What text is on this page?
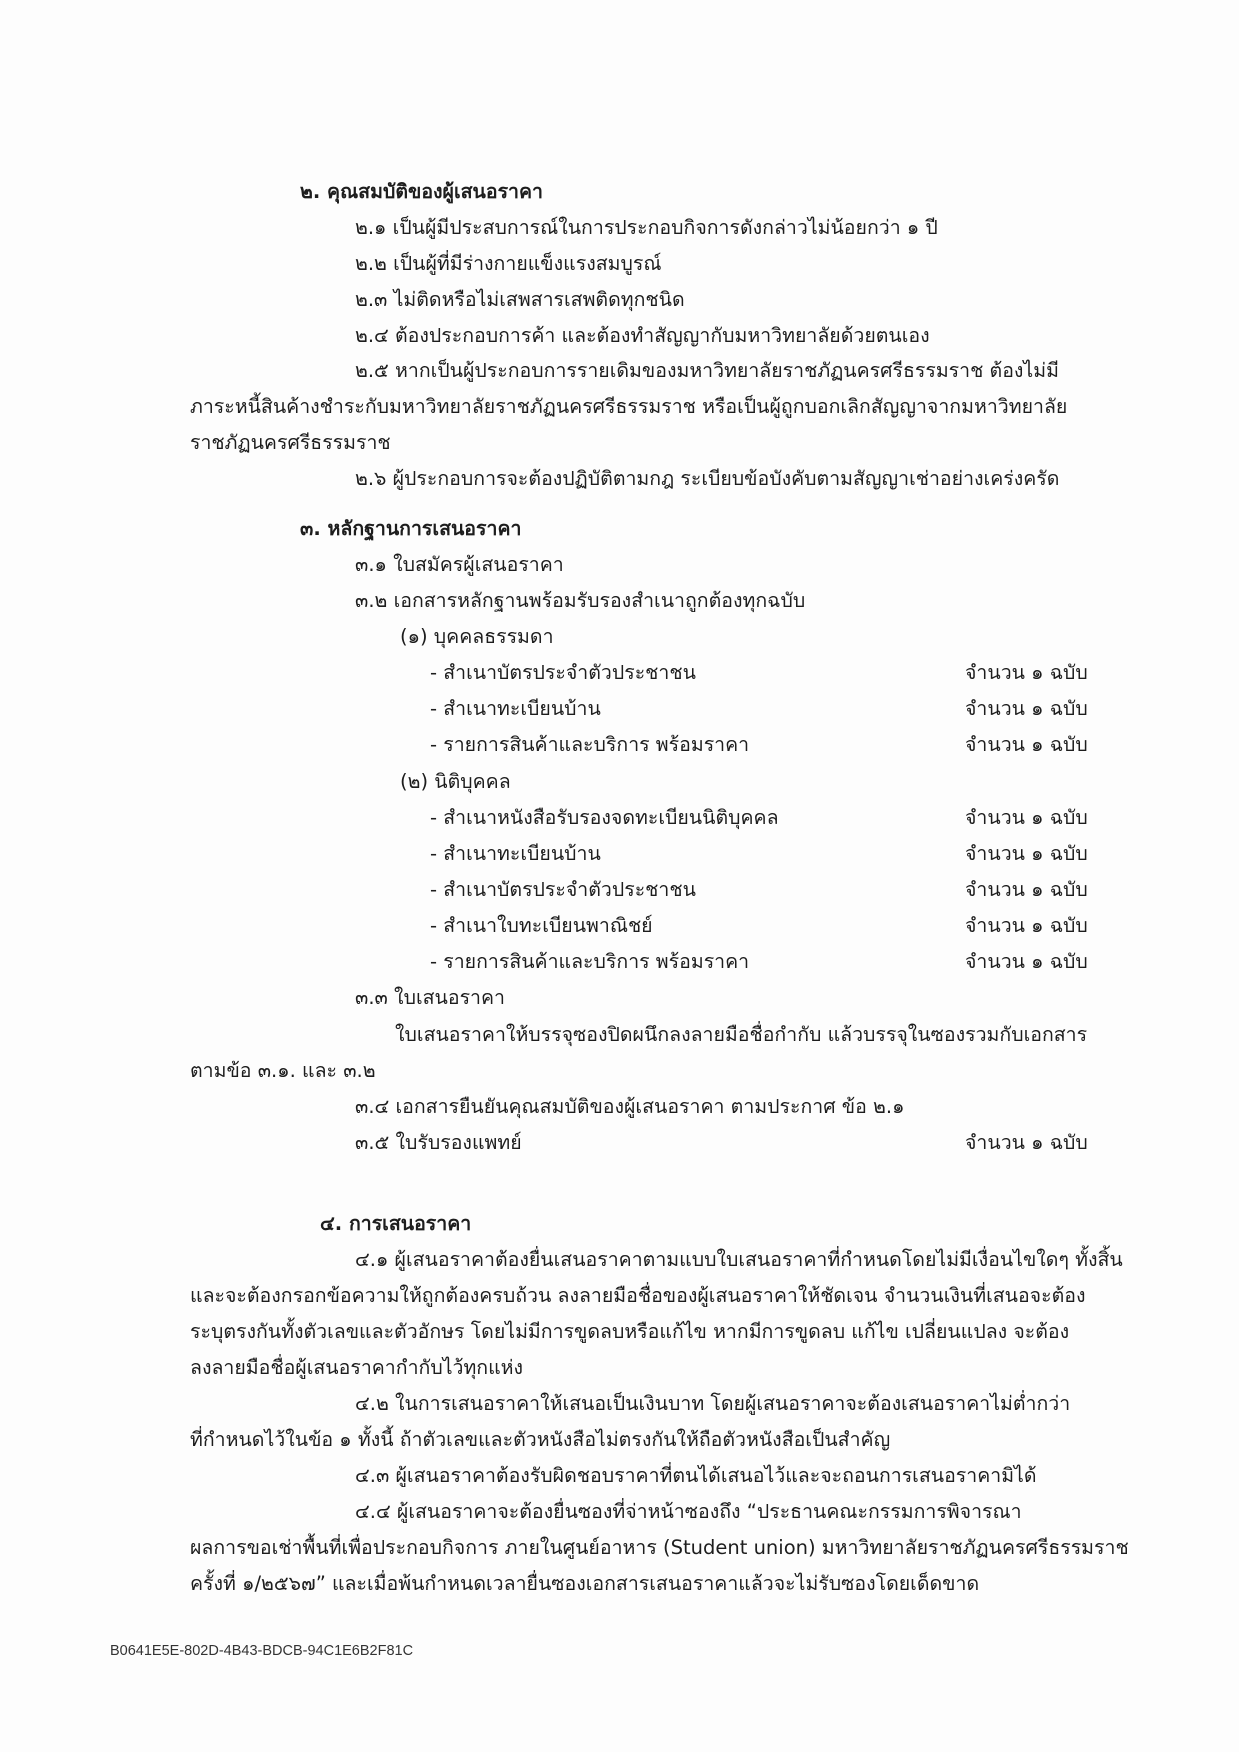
๒. คุณสมบัติของผู้เสนอราคา
๒.๑ เป็นผู้มีประสบการณ์ในการประกอบกิจการดังกล่าวไม่น้อยกว่า ๑ ปี
๒.๒ เป็นผู้ที่มีร่างกายแข็งแรงสมบูรณ์
๒.๓ ไม่ติดหรือไม่เสพสารเสพติดทุกชนิด
๒.๔ ต้องประกอบการค้า และต้องทำสัญญากับมหาวิทยาลัยด้วยตนเอง
๒.๕ หากเป็นผู้ประกอบการรายเดิมของมหาวิทยาลัยราชภัฏนครศรีธรรมราช ต้องไม่มี
ภาระหนี้สินค้างชำระกับมหาวิทยาลัยราชภัฏนครศรีธรรมราช หรือเป็นผู้ถูกบอกเลิกสัญญาจากมหาวิทยาลัย
ราชภัฏนครศรีธรรมราช
๒.๖ ผู้ประกอบการจะต้องปฏิบัติตามกฎ ระเบียบข้อบังคับตามสัญญาเช่าอย่างเคร่งครัด
๓. หลักฐานการเสนอราคา
๓.๑ ใบสมัครผู้เสนอราคา
๓.๒ เอกสารหลักฐานพร้อมรับรองสำเนาถูกต้องทุกฉบับ
(๑) บุคคลธรรมดา
- สำเนาบัตรประจำตัวประชาชน	จำนวน ๑ ฉบับ
- สำเนาทะเบียนบ้าน	จำนวน ๑ ฉบับ
- รายการสินค้าและบริการ พร้อมราคา	จำนวน ๑ ฉบับ
(๒) นิติบุคคล
- สำเนาหนังสือรับรองจดทะเบียนนิติบุคคล	จำนวน ๑ ฉบับ
- สำเนาทะเบียนบ้าน	จำนวน ๑ ฉบับ
- สำเนาบัตรประจำตัวประชาชน	จำนวน ๑ ฉบับ
- สำเนาใบทะเบียนพาณิชย์	จำนวน ๑ ฉบับ
- รายการสินค้าและบริการ พร้อมราคา	จำนวน ๑ ฉบับ
๓.๓ ใบเสนอราคา
ใบเสนอราคาให้บรรจุซองปิดผนึกลงลายมือชื่อกำกับ แล้วบรรจุในซองรวมกับเอกสาร
ตามข้อ ๓.๑. และ ๓.๒
๓.๔ เอกสารยืนยันคุณสมบัติของผู้เสนอราคา ตามประกาศ ข้อ ๒.๑
๓.๕ ใบรับรองแพทย์	จำนวน ๑ ฉบับ
๔. การเสนอราคา
๔.๑ ผู้เสนอราคาต้องยื่นเสนอราคาตามแบบใบเสนอราคาที่กำหนดโดยไม่มีเงื่อนไขใดๆ ทั้งสิ้น
และจะต้องกรอกข้อความให้ถูกต้องครบถ้วน ลงลายมือชื่อของผู้เสนอราคาให้ชัดเจน จำนวนเงินที่เสนอจะต้อง
ระบุตรงกันทั้งตัวเลขและตัวอักษร โดยไม่มีการขูดลบหรือแก้ไข หากมีการขูดลบ แก้ไข เปลี่ยนแปลง จะต้อง
ลงลายมือชื่อผู้เสนอราคากำกับไว้ทุกแห่ง
๔.๒ ในการเสนอราคาให้เสนอเป็นเงินบาท โดยผู้เสนอราคาจะต้องเสนอราคาไม่ต่ำกว่า
ที่กำหนดไว้ในข้อ ๑ ทั้งนี้ ถ้าตัวเลขและตัวหนังสือไม่ตรงกันให้ถือตัวหนังสือเป็นสำคัญ
๔.๓ ผู้เสนอราคาต้องรับผิดชอบราคาที่ตนได้เสนอไว้และจะถอนการเสนอราคามิได้
๔.๔ ผู้เสนอราคาจะต้องยื่นซองที่จ่าหน้าซองถึง “ประธานคณะกรรมการพิจารณา
ผลการขอเช่าพื้นที่เพื่อประกอบกิจการ ภายในศูนย์อาหาร (Student union) มหาวิทยาลัยราชภัฏนครศรีธรรมราช
ครั้งที่ ๑/๒๕๖๗” และเมื่อพ้นกำหนดเวลายื่นซองเอกสารเสนอราคาแล้วจะไม่รับซองโดยเด็ดขาด
B0641E5E-802D-4B43-BDCB-94C1E6B2F81C
